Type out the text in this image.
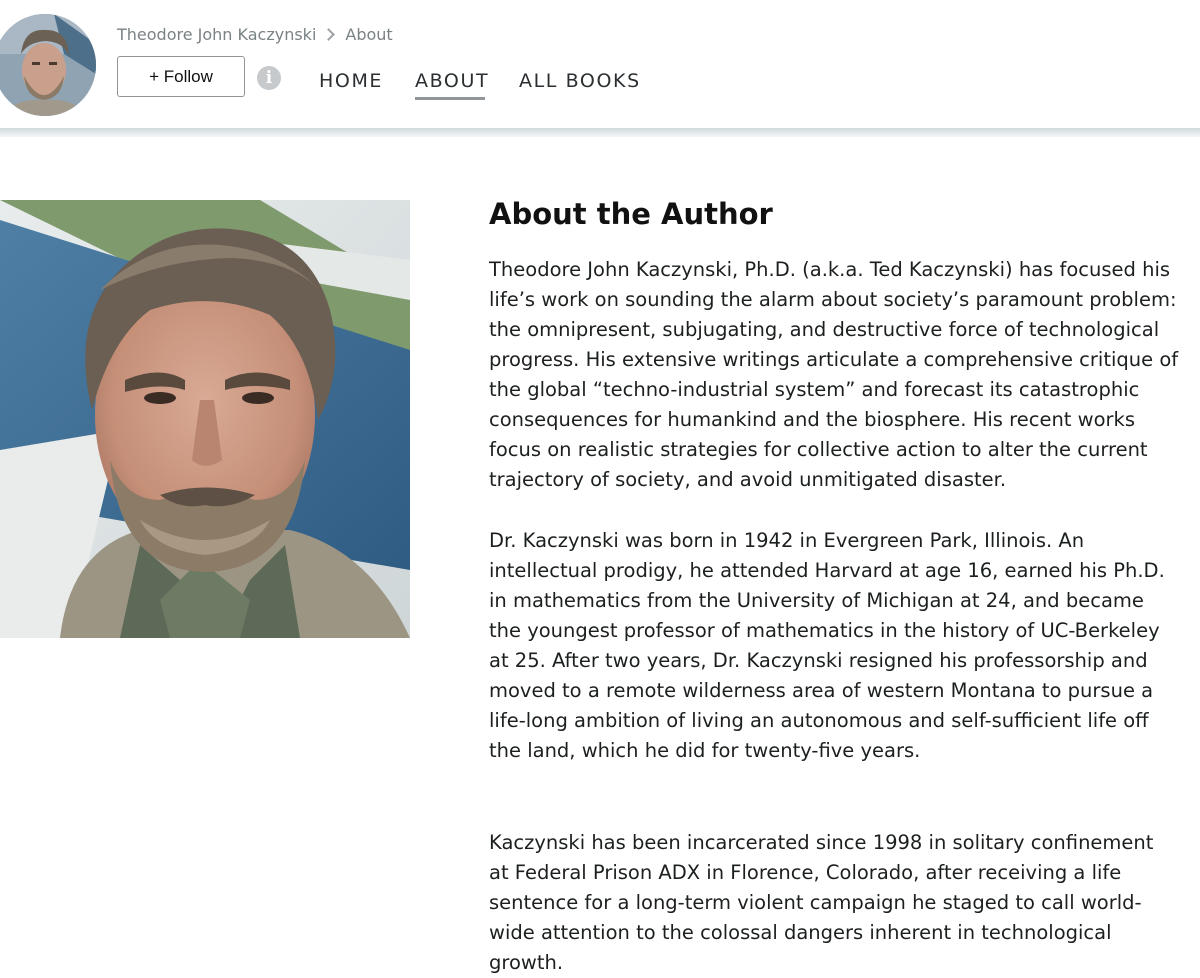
Theodore John Kaczynski About
+ Follow	i	HOME ABOUT ALL BOOKS
About the Author

Theodore John Kaczynski, Ph.D. (a.k.a. Ted Kaczynski) has focused his life’s work on sounding the alarm about society’s paramount problem: the omnipresent, subjugating, and destructive force of technological progress. His extensive writings articulate a comprehensive critique of the global “techno-industrial system” and forecast its catastrophic consequences for humankind and the biosphere. His recent works focus on realistic strategies for collective action to alter the current trajectory of society, and avoid unmitigated disaster.

Dr. Kaczynski was born in 1942 in Evergreen Park, Illinois. An intellectual prodigy, he attended Harvard at age 16, earned his Ph.D. in mathematics from the University of Michigan at 24, and became the youngest professor of mathematics in the history of UC-Berkeley at 25. After two years, Dr. Kaczynski resigned his professorship and moved to a remote wilderness area of western Montana to pursue a life-long ambition of living an autonomous and self-sufficient life off the land, which he did for twenty-five years.

Kaczynski has been incarcerated since 1998 in solitary confinement at Federal Prison ADX in Florence, Colorado, after receiving a life sentence for a long-term violent campaign he staged to call world-wide attention to the colossal dangers inherent in technological growth.
